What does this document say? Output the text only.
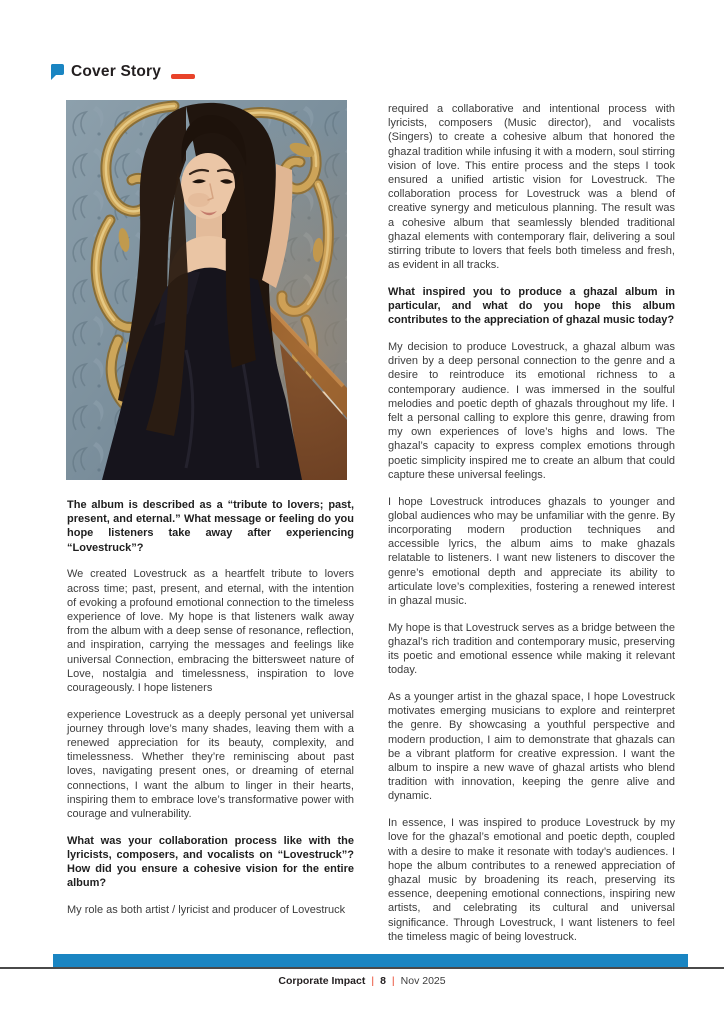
Cover Story

The album is described as a “tribute to lovers; past, present, and eternal.” What message or feeling do you hope listeners take away after experiencing “Lovestruck”?

We created Lovestruck as a heartfelt tribute to lovers across time; past, present, and eternal, with the intention of evoking a profound emotional connection to the timeless experience of love. My hope is that listeners walk away from the album with a deep sense of resonance, reflection, and inspiration, carrying the messages and feelings like universal Connection, embracing the bittersweet nature of Love, nostalgia and timelessness, inspiration to love courageously. I hope listeners

experience Lovestruck as a deeply personal yet universal journey through love’s many shades, leaving them with a renewed appreciation for its beauty, complexity, and timelessness. Whether they’re reminiscing about past loves, navigating present ones, or dreaming of eternal connections, I want the album to linger in their hearts, inspiring them to embrace love’s transformative power with courage and vulnerability.

What was your collaboration process like with the lyricists, composers, and vocalists on “Lovestruck”? How did you ensure a cohesive vision for the entire album?

My role as both artist / lyricist and producer of Lovestruck

required a collaborative and intentional process with lyricists, composers (Music director), and vocalists (Singers) to create a cohesive album that honored the ghazal tradition while infusing it with a modern, soul stirring vision of love. This entire process and the steps I took ensured a unified artistic vision for Lovestruck. The collaboration process for Lovestruck was a blend of creative synergy and meticulous planning. The result was a cohesive album that seamlessly blended traditional ghazal elements with contemporary flair, delivering a soul stirring tribute to lovers that feels both timeless and fresh, as evident in all tracks.

What inspired you to produce a ghazal album in particular, and what do you hope this album contributes to the appreciation of ghazal music today?

My decision to produce Lovestruck, a ghazal album was driven by a deep personal connection to the genre and a desire to reintroduce its emotional richness to a contemporary audience. I was immersed in the soulful melodies and poetic depth of ghazals throughout my life. I felt a personal calling to explore this genre, drawing from my own experiences of love’s highs and lows. The ghazal’s capacity to express complex emotions through poetic simplicity inspired me to create an album that could capture these universal feelings.

I hope Lovestruck introduces ghazals to younger and global audiences who may be unfamiliar with the genre. By incorporating modern production techniques and accessible lyrics, the album aims to make ghazals relatable to listeners. I want new listeners to discover the genre’s emotional depth and appreciate its ability to articulate love’s complexities, fostering a renewed interest in ghazal music.

My hope is that Lovestruck serves as a bridge between the ghazal’s rich tradition and contemporary music, preserving its poetic and emotional essence while making it relevant today.

As a younger artist in the ghazal space, I hope Lovestruck motivates emerging musicians to explore and reinterpret the genre. By showcasing a youthful perspective and modern production, I aim to demonstrate that ghazals can be a vibrant platform for creative expression. I want the album to inspire a new wave of ghazal artists who blend tradition with innovation, keeping the genre alive and dynamic.

In essence, I was inspired to produce Lovestruck by my love for the ghazal’s emotional and poetic depth, coupled with a desire to make it resonate with today’s audiences. I hope the album contributes to a renewed appreciation of ghazal music by broadening its reach, preserving its essence, deepening emotional connections, inspiring new artists, and celebrating its cultural and universal significance. Through Lovestruck, I want listeners to feel the timeless magic of being lovestruck.

Corporate Impact | 8 | Nov 2025
